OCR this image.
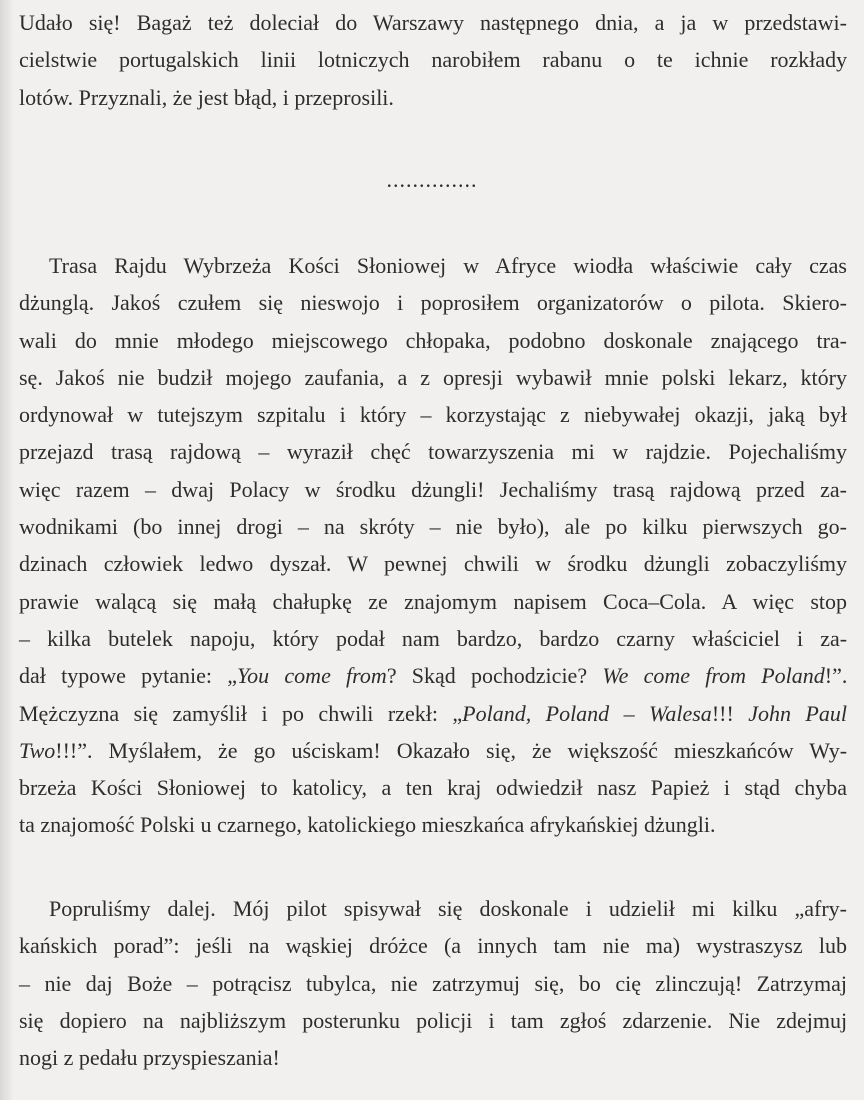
Udało się! Bagaż też doleciał do Warszawy następnego dnia, a ja w przedstawi-
cielstwie portugalskich linii lotniczych narobiłem rabanu o te ichnie rozkłady
lotów. Przyznali, że jest błąd, i przeprosili.
..............
Trasa Rajdu Wybrzeża Kości Słoniowej w Afryce wiodła właściwie cały czas
dżunglą. Jakoś czułem się nieswojo i poprosiłem organizatorów o pilota. Skiero-
wali do mnie młodego miejscowego chłopaka, podobno doskonale znającego tra-
sę. Jakoś nie budził mojego zaufania, a z opresji wybawił mnie polski lekarz, który
ordynował w tutejszym szpitalu i który – korzystając z niebywałej okazji, jaką był
przejazd trasą rajdową – wyraził chęć towarzyszenia mi w rajdzie. Pojechaliśmy
więc razem – dwaj Polacy w środku dżungli! Jechaliśmy trasą rajdową przed za-
wodnikami (bo innej drogi – na skróty – nie było), ale po kilku pierwszych go-
dzinach człowiek ledwo dyszał. W pewnej chwili w środku dżungli zobaczyliśmy
prawie walącą się małą chałupkę ze znajomym napisem Coca–Cola. A więc stop
– kilka butelek napoju, który podał nam bardzo, bardzo czarny właściciel i za-
dał typowe pytanie: „You come from? Skąd pochodzicie? We come from Poland!”.
Mężczyzna się zamyślił i po chwili rzekł: „Poland, Poland – Walesa!!! John Paul
Two!!!”. Myślałem, że go uściskam! Okazało się, że większość mieszkańców Wy-
brzeża Kości Słoniowej to katolicy, a ten kraj odwiedził nasz Papież i stąd chyba
ta znajomość Polski u czarnego, katolickiego mieszkańca afrykańskiej dżungli.
Popruliśmy dalej. Mój pilot spisywał się doskonale i udzielił mi kilku „afry-
kańskich porad”: jeśli na wąskiej dróżce (a innych tam nie ma) wystraszysz lub
– nie daj Boże – potrącisz tubylca, nie zatrzymuj się, bo cię zlinczują! Zatrzymaj
się dopiero na najbliższym posterunku policji i tam zgłoś zdarzenie. Nie zdejmuj
nogi z pedału przyspieszania!
